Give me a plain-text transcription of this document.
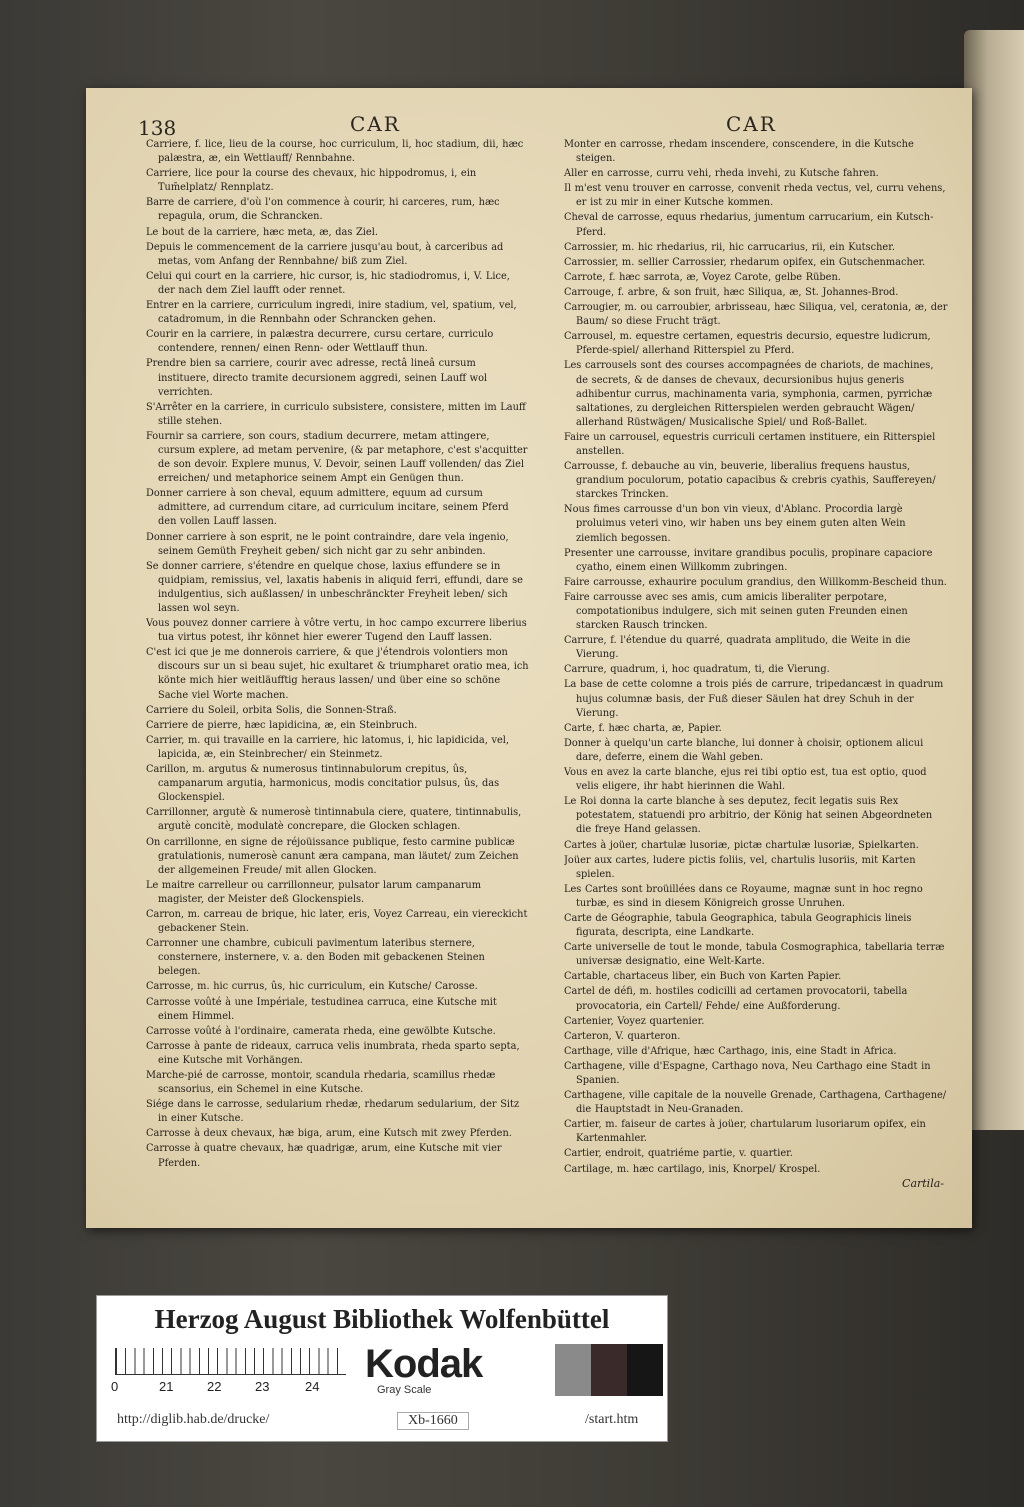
138	CAR	CAR

Carriere, f. lice, lieu de la course, hoc curriculum, li, hoc stadium, dii, hæc palæstra, æ, ein Wettlauff/ Rennbahne.

Carriere, lice pour la course des chevaux, hic hippodromus, i, ein Tum̄elplatz/ Rennplatz.

Barre de carriere, d'où l'on commence à courir, hi carceres, rum, hæc repagula, orum, die Schrancken.

Le bout de la carriere, hæc meta, æ, das Ziel.

Depuis le commencement de la carriere jusqu'au bout, à carceribus ad metas, vom Anfang der Rennbahne/ biß zum Ziel.

Celui qui court en la carriere, hic cursor, is, hic stadiodromus, i, V. Lice, der nach dem Ziel laufft oder rennet.

Entrer en la carriere, curriculum ingredi, inire stadium, vel, spatium, vel, catadromum, in die Rennbahn oder Schrancken gehen.

Courir en la carriere, in palæstra decurrere, cursu certare, curriculo contendere, rennen/ einen Renn- oder Wettlauff thun.

Prendre bien sa carriere, courir avec adresse, rectâ lineâ cursum instituere, directo tramite decursionem aggredi, seinen Lauff wol verrichten.

S'Arrêter en la carriere, in curriculo subsistere, consistere, mitten im Lauff stille stehen.

Fournir sa carriere, son cours, stadium decurrere, metam attingere, cursum explere, ad metam pervenire, (& par metaphore, c'est s'acquitter de son devoir. Explere munus, V. Devoir, seinen Lauff vollenden/ das Ziel erreichen/ und metaphorice seinem Ampt ein Genügen thun.

Donner carriere à son cheval, equum admittere, equum ad cursum admittere, ad currendum citare, ad curriculum incitare, seinem Pferd den vollen Lauff lassen.

Donner carriere à son esprit, ne le point contraindre, dare vela ingenio, seinem Gemüth Freyheit geben/ sich nicht gar zu sehr anbinden.

Se donner carriere, s'étendre en quelque chose, laxius effundere se in quidpiam, remissius, vel, laxatis habenis in aliquid ferri, effundi, dare se indulgentius, sich außlassen/ in unbeschränckter Freyheit leben/ sich lassen wol seyn.

Vous pouvez donner carriere à vôtre vertu, in hoc campo excurrere liberius tua virtus potest, ihr könnet hier ewerer Tugend den Lauff lassen.

C'est ici que je me donnerois carriere, & que j'étendrois volontiers mon discours sur un si beau sujet, hic exultaret & triumpharet oratio mea, ich könte mich hier weitläufftig heraus lassen/ und über eine so schöne Sache viel Worte machen.

Carriere du Soleil, orbita Solis, die Sonnen-Straß.

Carriere de pierre, hæc lapidicina, æ, ein Steinbruch.

Carrier, m. qui travaille en la carriere, hic latomus, i, hic lapidicida, vel, lapicida, æ, ein Steinbrecher/ ein Steinmetz.

Carillon, m. argutus & numerosus tintinnabulorum crepitus, ûs, campanarum argutia, harmonicus, modis concitatior pulsus, ûs, das Glockenspiel.

Carrillonner, argutè & numerosè tintinnabula ciere, quatere, tintinnabulis, argutè concitè, modulatè concrepare, die Glocken schlagen.

On carrillonne, en signe de réjoüissance publique, festo carmine publicæ gratulationis, numerosè canunt æra campana, man läutet/ zum Zeichen der allgemeinen Freude/ mit allen Glocken.

Le maitre carrelleur ou carrillonneur, pulsator larum campanarum magister, der Meister deß Glockenspiels.

Carron, m. carreau de brique, hic later, eris, Voyez Carreau, ein viereckicht gebackener Stein.

Carronner une chambre, cubiculi pavimentum lateribus sternere, consternere, insternere, v. a. den Boden mit gebackenen Steinen belegen.

Carrosse, m. hic currus, ûs, hic curriculum, ein Kutsche/ Carosse.

Carrosse voûté à une Impériale, testudinea carruca, eine Kutsche mit einem Himmel.

Carrosse voûté à l'ordinaire, camerata rheda, eine gewölbte Kutsche.

Carrosse à pante de rideaux, carruca velis inumbrata, rheda sparto septa, eine Kutsche mit Vorhängen.

Marche-pié de carrosse, montoir, scandula rhedaria, scamillus rhedæ scansorius, ein Schemel in eine Kutsche.

Siége dans le carrosse, sedularium rhedæ, rhedarum sedularium, der Sitz in einer Kutsche.

Carrosse à deux chevaux, hæ biga, arum, eine Kutsch mit zwey Pferden.

Carrosse à quatre chevaux, hæ quadrigæ, arum, eine Kutsche mit vier Pferden.

Monter en carrosse, rhedam inscendere, conscendere, in die Kutsche steigen.

Aller en carrosse, curru vehi, rheda invehi, zu Kutsche fahren.

Il m'est venu trouver en carrosse, convenit rheda vectus, vel, curru vehens, er ist zu mir in einer Kutsche kommen.

Cheval de carrosse, equus rhedarius, jumentum carrucarium, ein Kutsch-Pferd.

Carrossier, m. hic rhedarius, rii, hic carrucarius, rii, ein Kutscher.

Carrossier, m. sellier Carrossier, rhedarum opifex, ein Gutschenmacher.

Carrote, f. hæc sarrota, æ, Voyez Carote, gelbe Rüben.

Carrouge, f. arbre, & son fruit, hæc Siliqua, æ, St. Johannes-Brod.

Carrougier, m. ou carroubier, arbrisseau, hæc Siliqua, vel, ceratonia, æ, der Baum/ so diese Frucht trägt.

Carrousel, m. equestre certamen, equestris decursio, equestre ludicrum, Pferde-spiel/ allerhand Ritterspiel zu Pferd.

Les carrousels sont des courses accompagnées de chariots, de machines, de secrets, & de danses de chevaux, decursionibus hujus generis adhibentur currus, machinamenta varia, symphonia, carmen, pyrrichæ saltationes, zu dergleichen Ritterspielen werden gebraucht Wägen/ allerhand Rüstwägen/ Musicalische Spiel/ und Roß-Ballet.

Faire un carrousel, equestris curriculi certamen instituere, ein Ritterspiel anstellen.

Carrousse, f. debauche au vin, beuverie, liberalius frequens haustus, grandium poculorum, potatio capacibus & crebris cyathis, Sauffereyen/ starckes Trincken.

Nous fimes carrousse d'un bon vin vieux, d'Ablanc. Procordia largè proluimus veteri vino, wir haben uns bey einem guten alten Wein ziemlich begossen.

Presenter une carrousse, invitare grandibus poculis, propinare capaciore cyatho, einem einen Willkomm zubringen.

Faire carrousse, exhaurire poculum grandius, den Willkomm-Bescheid thun.

Faire carrousse avec ses amis, cum amicis liberaliter perpotare, compotationibus indulgere, sich mit seinen guten Freunden einen starcken Rausch trincken.

Carrure, f. l'étendue du quarré, quadrata amplitudo, die Weite in die Vierung.

Carrure, quadrum, i, hoc quadratum, ti, die Vierung.

La base de cette colomne a trois piés de carrure, tripedancæst in quadrum hujus columnæ basis, der Fuß dieser Säulen hat drey Schuh in der Vierung.

Carte, f. hæc charta, æ, Papier.

Donner à quelqu'un carte blanche, lui donner à choisir, optionem alicui dare, deferre, einem die Wahl geben.

Vous en avez la carte blanche, ejus rei tibi optio est, tua est optio, quod velis eligere, ihr habt hierinnen die Wahl.

Le Roi donna la carte blanche à ses deputez, fecit legatis suis Rex potestatem, statuendi pro arbitrio, der König hat seinen Abgeordneten die freye Hand gelassen.

Cartes à joüer, chartulæ lusoriæ, pictæ chartulæ lusoriæ, Spielkarten.

Joüer aux cartes, ludere pictis foliis, vel, chartulis lusoriis, mit Karten spielen.

Les Cartes sont broüillées dans ce Royaume, magnæ sunt in hoc regno turbæ, es sind in diesem Königreich grosse Unruhen.

Carte de Géographie, tabula Geographica, tabula Geographicis lineis figurata, descripta, eine Landkarte.

Carte universelle de tout le monde, tabula Cosmographica, tabellaria terræ universæ designatio, eine Welt-Karte.

Cartable, chartaceus liber, ein Buch von Karten Papier.

Cartel de défi, m. hostiles codicilli ad certamen provocatorii, tabella provocatoria, ein Cartell/ Fehde/ eine Außforderung.

Cartenier, Voyez quartenier.

Carteron, V. quarteron.

Carthage, ville d'Afrique, hæc Carthago, inis, eine Stadt in Africa.

Carthagene, ville d'Espagne, Carthago nova, Neu Carthago eine Stadt in Spanien.

Carthagene, ville capitale de la nouvelle Grenade, Carthagena, Carthagene/ die Hauptstadt in Neu-Granaden.

Cartier, m. faiseur de cartes à joüer, chartularum lusoriarum opifex, ein Kartenmahler.

Cartier, endroit, quatriéme partie, v. quartier.

Cartilage, m. hæc cartilago, inis, Knorpel/ Krospel.

Cartila-
Herzog August Bibliothek Wolfenbüttel
0	21	22	23	24
Kodak
Gray Scale
http://diglib.hab.de/drucke/	Xb-1660	/start.htm
